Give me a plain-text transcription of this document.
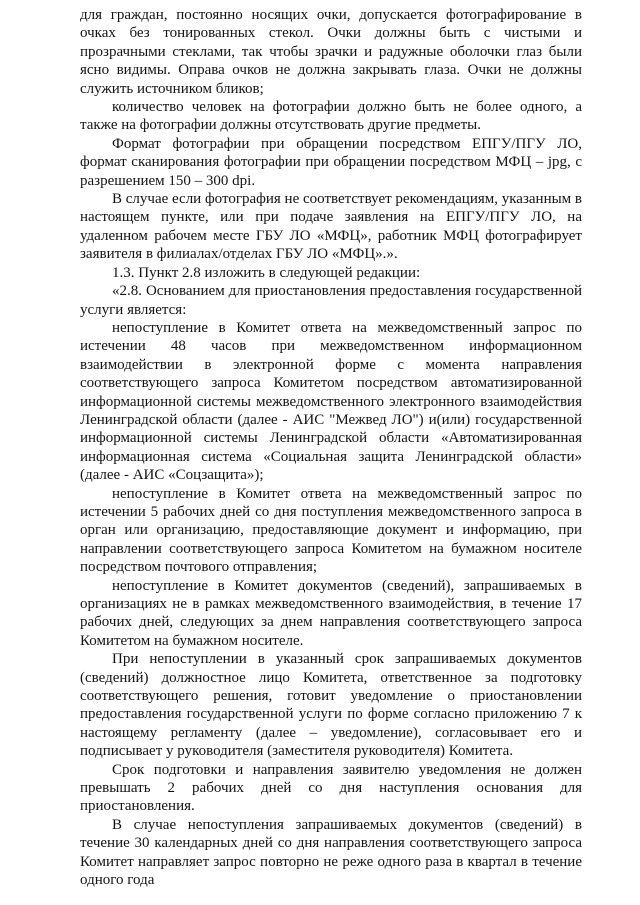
для граждан, постоянно носящих очки, допускается фотографирование в очках без тонированных стекол. Очки должны быть с чистыми и прозрачными стеклами, так чтобы зрачки и радужные оболочки глаз были ясно видимы. Оправа очков не должна закрывать глаза. Очки не должны служить источником бликов;

количество человек на фотографии должно быть не более одного, а также на фотографии должны отсутствовать другие предметы.

Формат фотографии при обращении посредством ЕПГУ/ПГУ ЛО, формат сканирования фотографии при обращении посредством МФЦ – jpg, с разрешением 150 – 300 dpi.

В случае если фотография не соответствует рекомендациям, указанным в настоящем пункте, или при подаче заявления на ЕПГУ/ПГУ ЛО, на удаленном рабочем месте ГБУ ЛО «МФЦ», работник МФЦ фотографирует заявителя в филиалах/отделах ГБУ ЛО «МФЦ».».

1.3. Пункт 2.8 изложить в следующей редакции:

«2.8. Основанием для приостановления предоставления государственной услуги является:

непоступление в Комитет ответа на межведомственный запрос по истечении 48 часов при межведомственном информационном взаимодействии в электронной форме с момента направления соответствующего запроса Комитетом посредством автоматизированной информационной системы межведомственного электронного взаимодействия Ленинградской области (далее - АИС "Межвед ЛО") и(или) государственной информационной системы Ленинградской области «Автоматизированная информационная система «Социальная защита Ленинградской области» (далее - АИС «Соцзащита»);

непоступление в Комитет ответа на межведомственный запрос по истечении 5 рабочих дней со дня поступления межведомственного запроса в орган или организацию, предоставляющие документ и информацию, при направлении соответствующего запроса Комитетом на бумажном носителе посредством почтового отправления;

непоступление в Комитет документов (сведений), запрашиваемых в организациях не в рамках межведомственного взаимодействия, в течение 17 рабочих дней, следующих за днем направления соответствующего запроса Комитетом на бумажном носителе.

При непоступлении в указанный срок запрашиваемых документов (сведений) должностное лицо Комитета, ответственное за подготовку соответствующего решения, готовит уведомление о приостановлении предоставления государственной услуги по форме согласно приложению 7 к настоящему регламенту (далее – уведомление), согласовывает его и подписывает у руководителя (заместителя руководителя) Комитета.

Срок подготовки и направления заявителю уведомления не должен превышать 2 рабочих дней со дня наступления основания для приостановления.

В случае непоступления запрашиваемых документов (сведений) в течение 30 календарных дней со дня направления соответствующего запроса Комитет направляет запрос повторно не реже одного раза в квартал в течение одного года
